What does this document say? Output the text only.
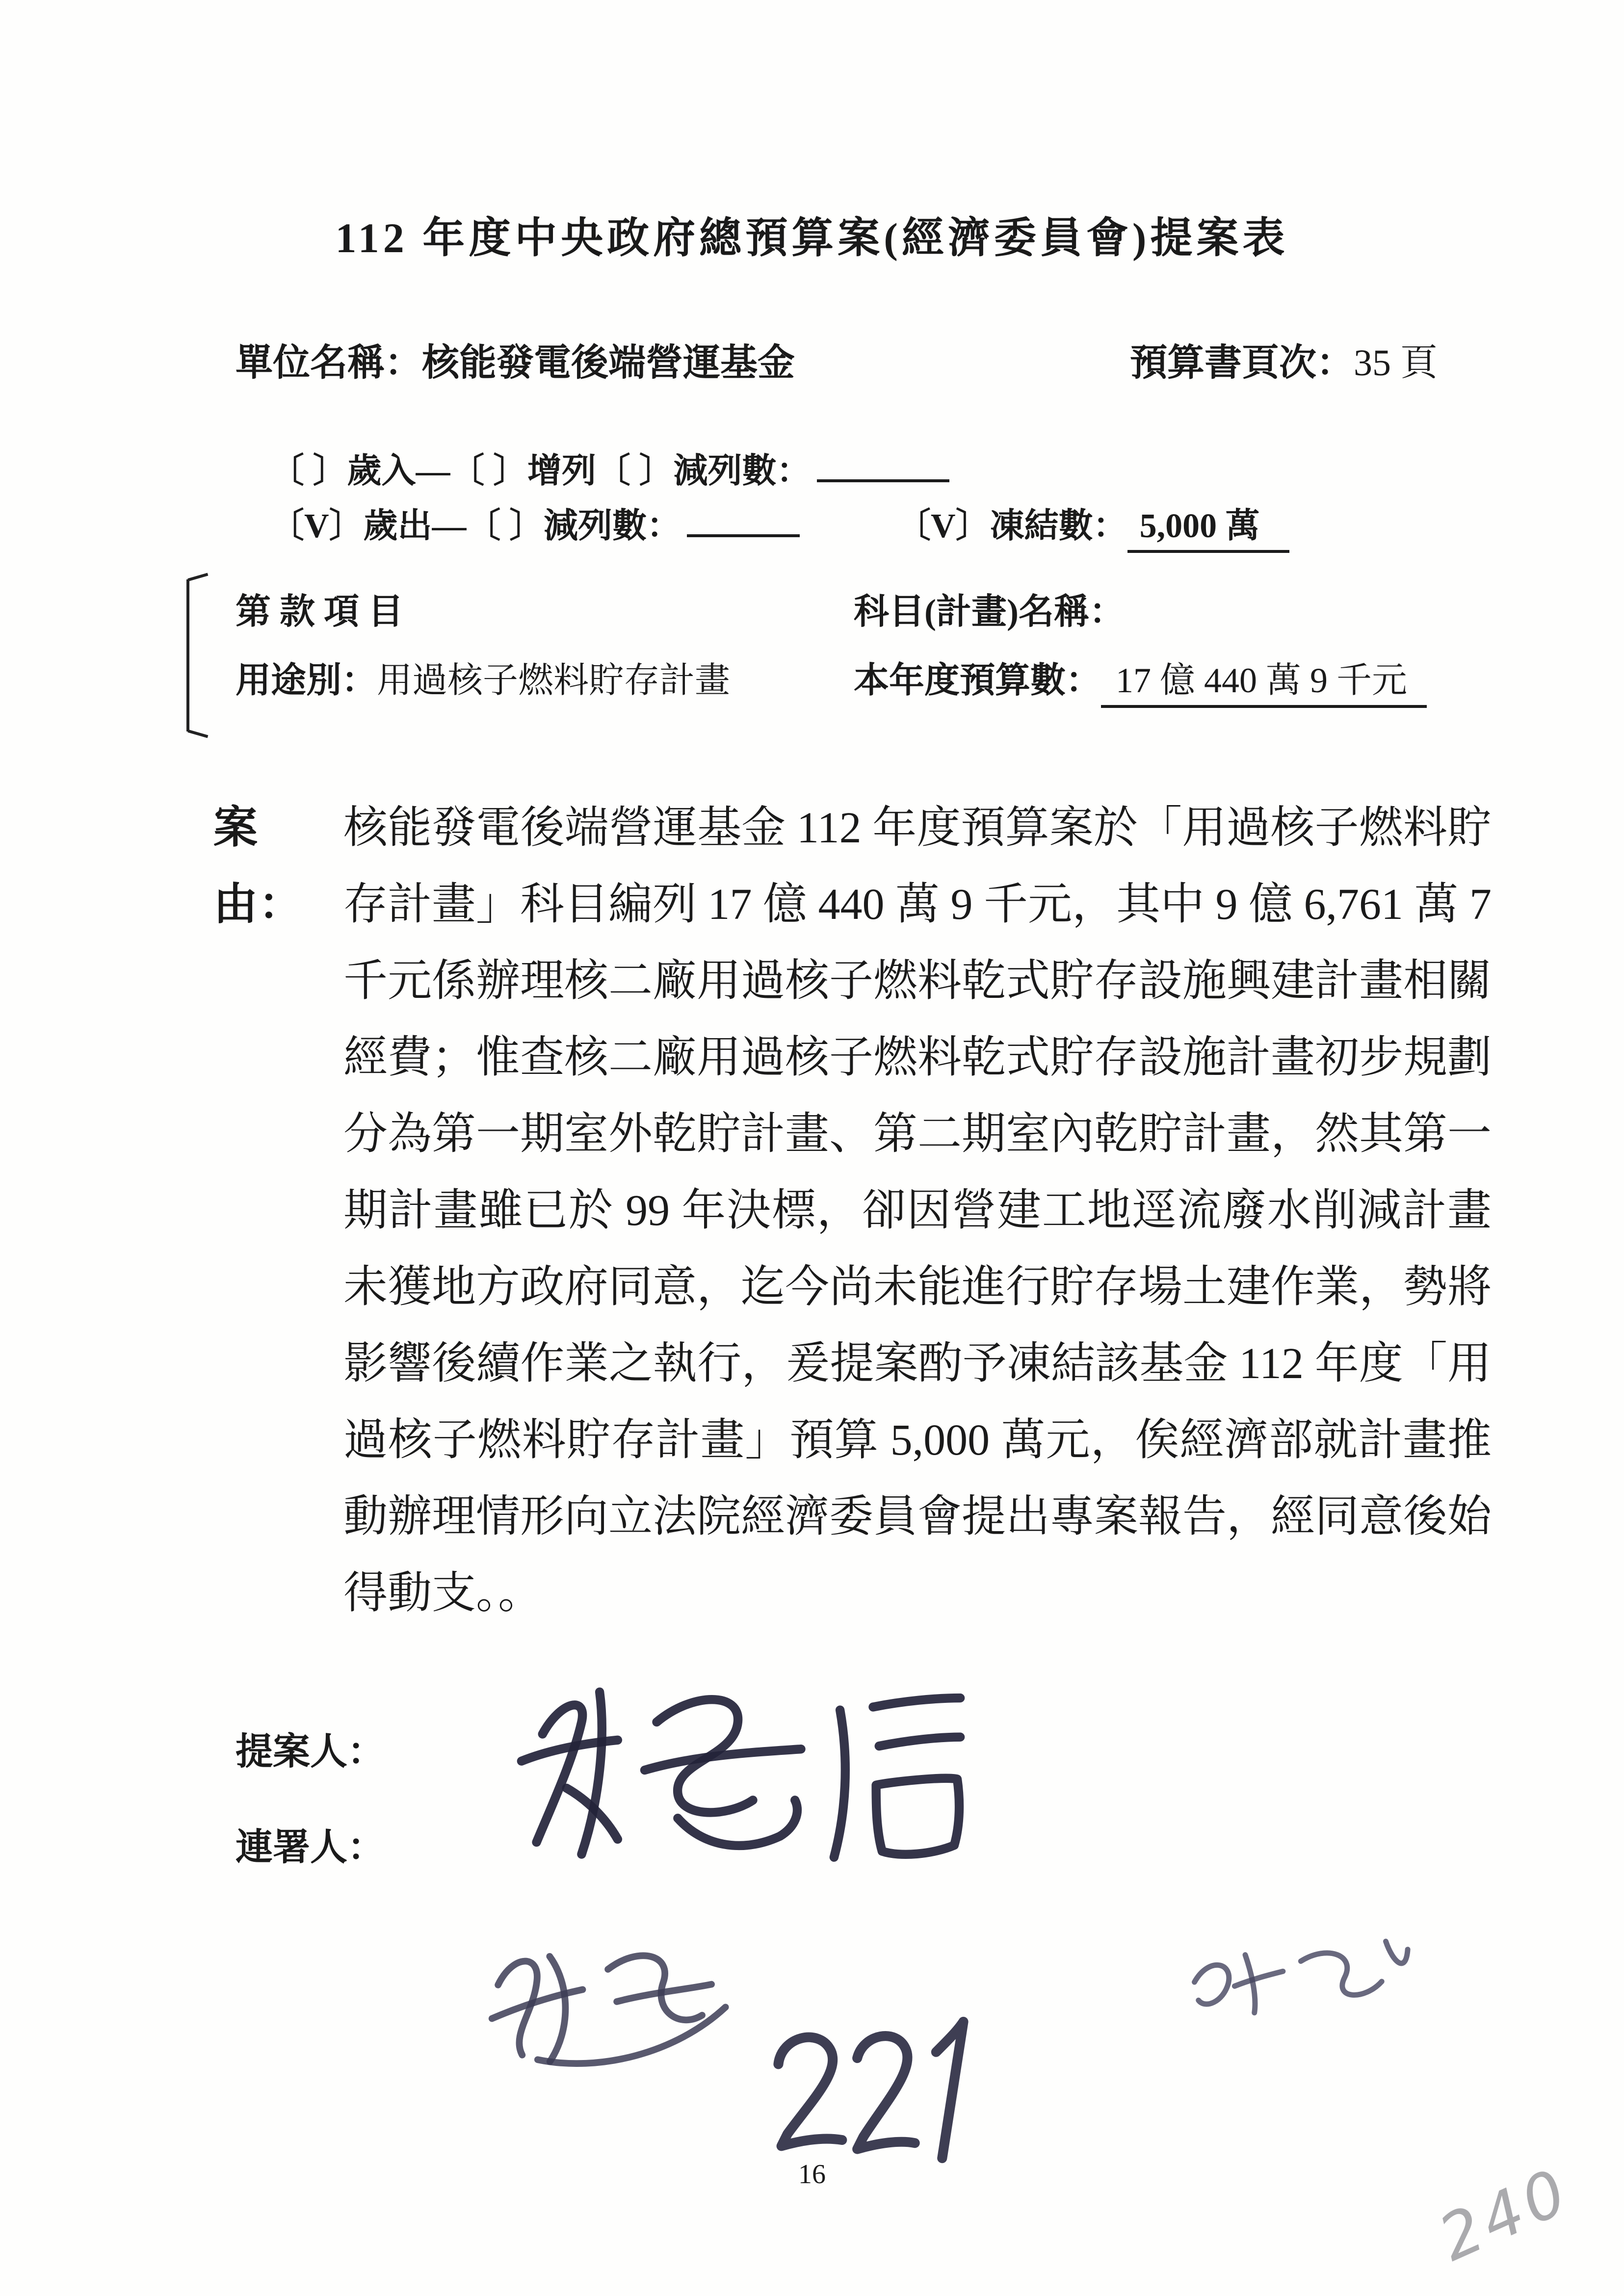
112 年度中央政府總預算案(經濟委員會)提案表
單位名稱：核能發電後端營運基金	預算書頁次：35 頁
〔 〕歲入—〔 〕增列〔 〕減列數：
〔V〕歲出—〔 〕減列數：	〔V〕凍結數： 5,000 萬
第 款 項 目	科目(計畫)名稱：
用途別：用過核子燃料貯存計畫	本年度預算數： 17 億 440 萬 9 千元
案由：
核能發電後端營運基金 112 年度預算案於「用過核子燃料貯存計畫」科目編列 17 億 440 萬 9 千元，其中 9 億 6,761 萬 7 千元係辦理核二廠用過核子燃料乾式貯存設施興建計畫相關經費；惟查核二廠用過核子燃料乾式貯存設施計畫初步規劃分為第一期室外乾貯計畫、第二期室內乾貯計畫，然其第一期計畫雖已於 99 年決標，卻因營建工地逕流廢水削減計畫未獲地方政府同意，迄今尚未能進行貯存場土建作業，勢將影響後續作業之執行，爰提案酌予凍結該基金 112 年度「用過核子燃料貯存計畫」預算 5,000 萬元，俟經濟部就計畫推動辦理情形向立法院經濟委員會提出專案報告，經同意後始得動支。。
提案人：
連署人：
16	240
